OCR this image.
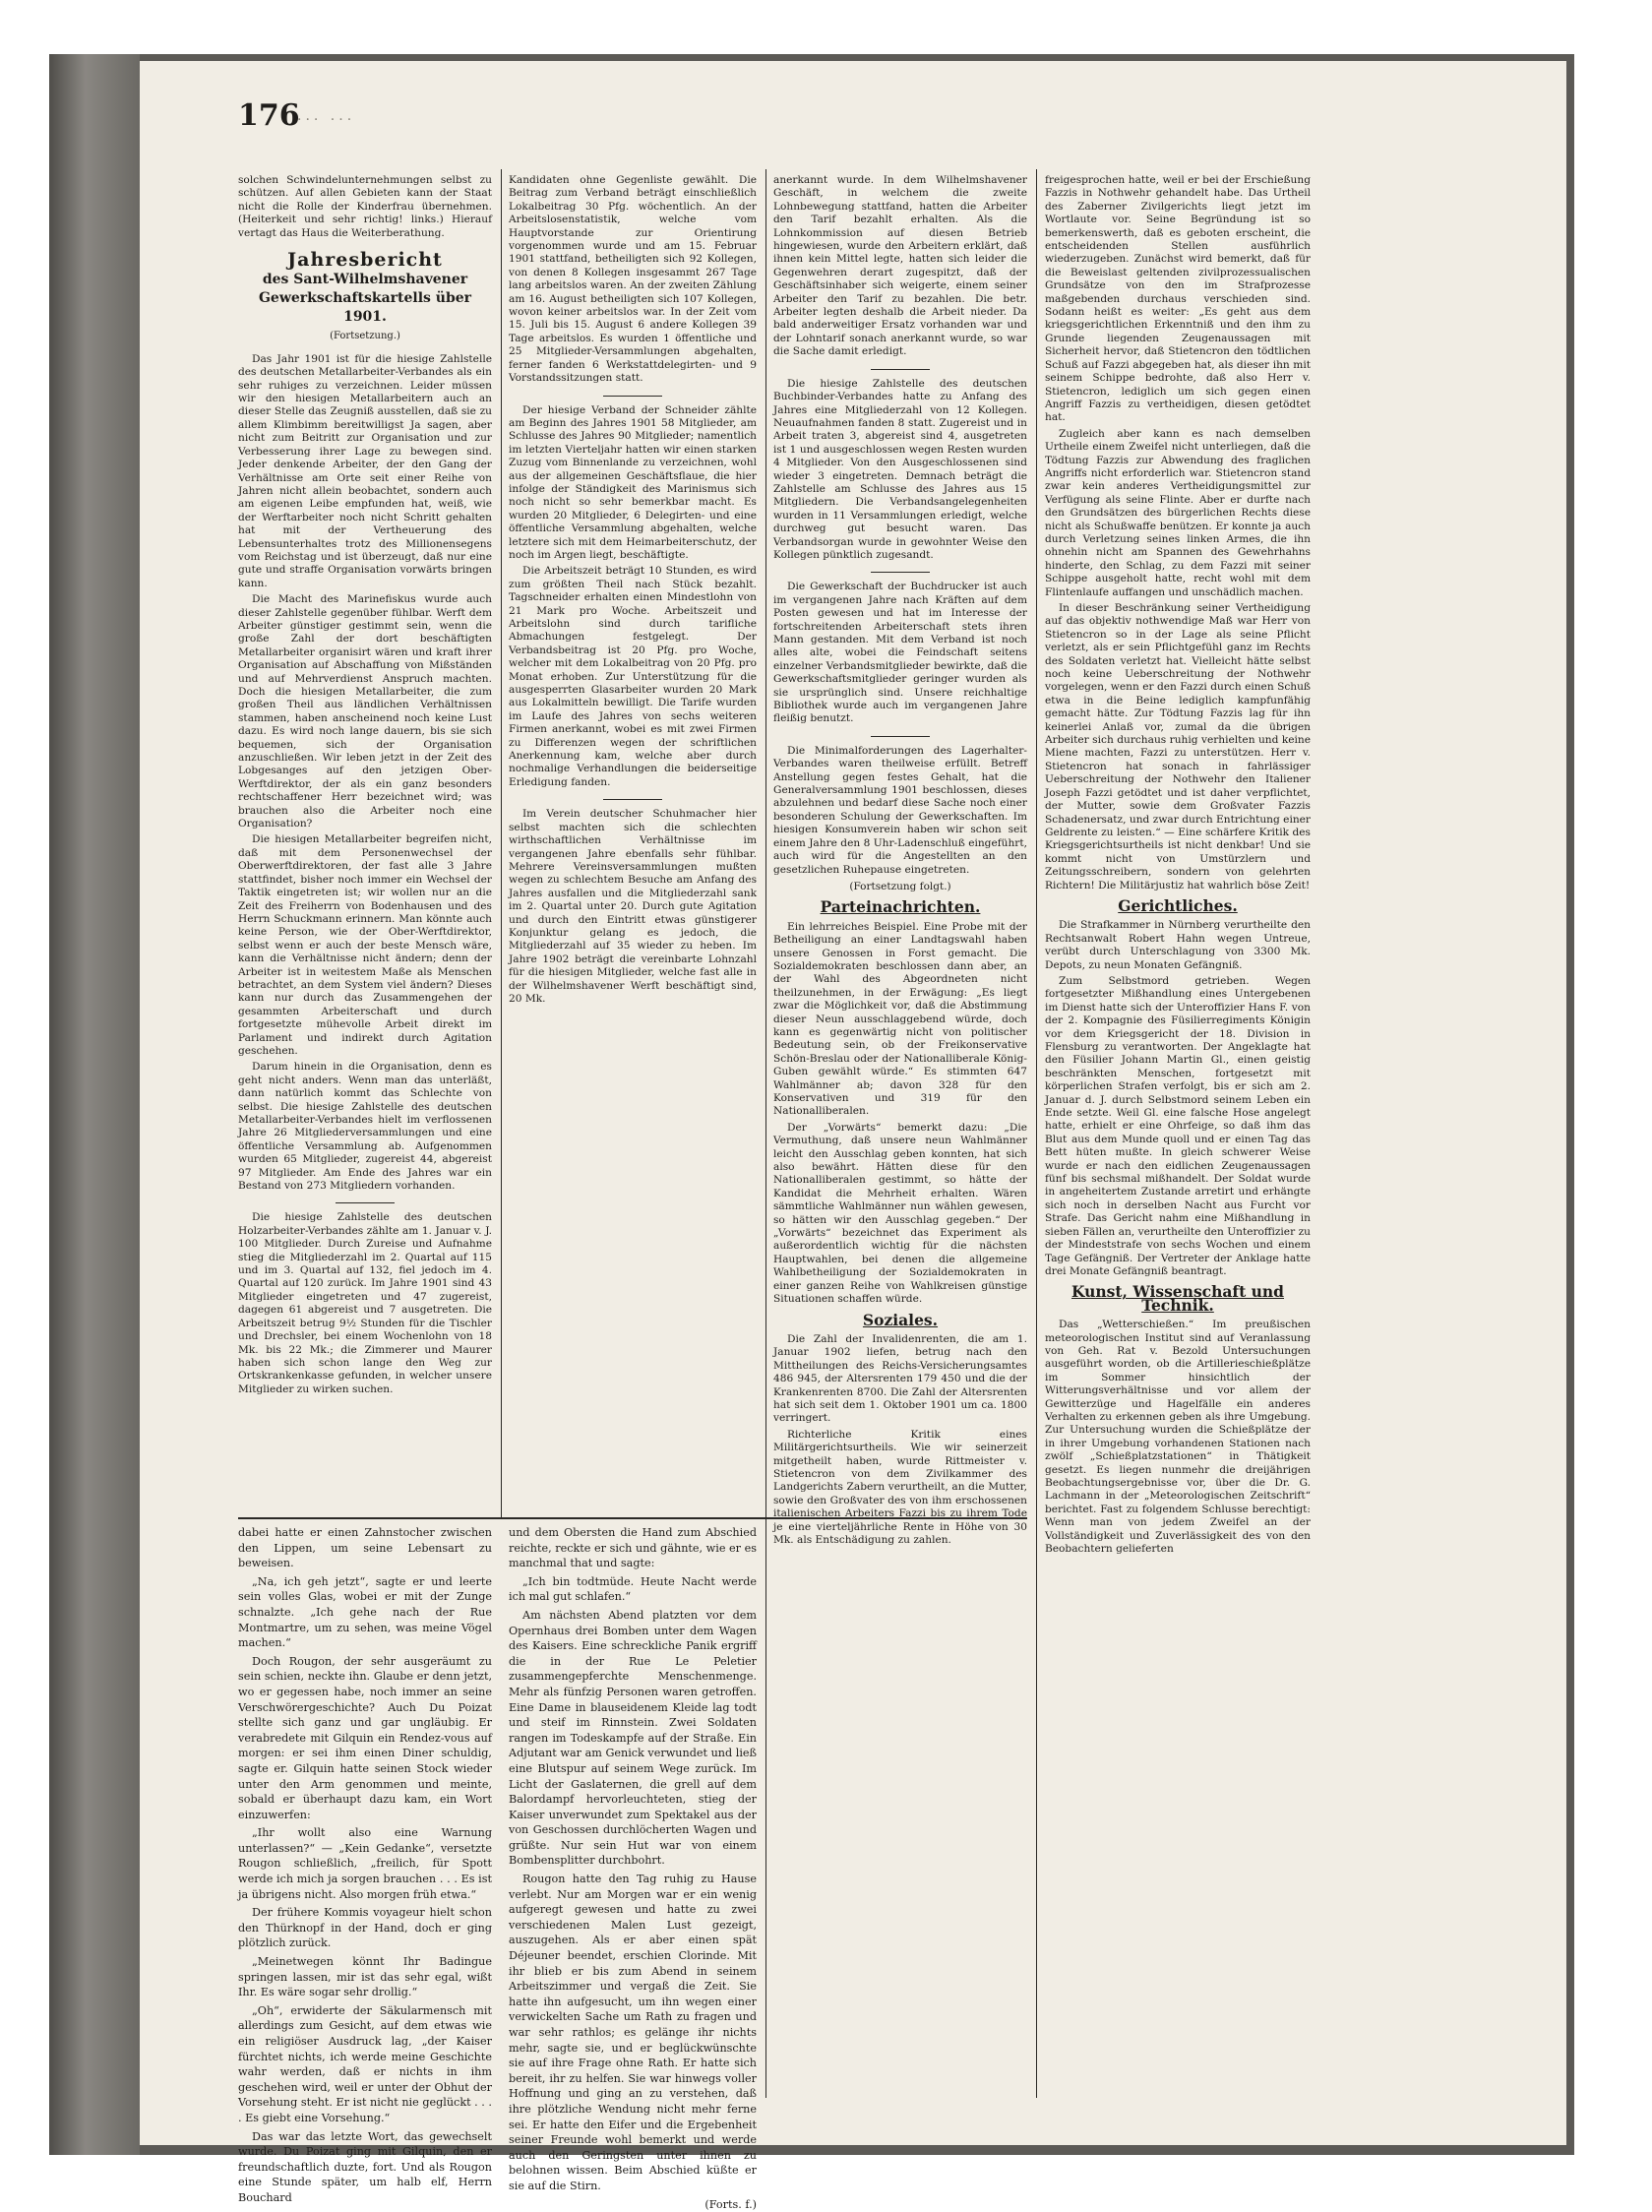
176
... ...

solchen Schwindelunternehmungen selbst zu schützen. Auf allen Gebieten kann der Staat nicht die Rolle der Kinderfrau übernehmen. (Heiterkeit und sehr richtig! links.) Hierauf vertagt das Haus die Weiterberathung.

Jahresbericht
des Sant-Wilhelmshavener Gewerkschaftskartells über 1901.
(Fortsetzung.)

Das Jahr 1901 ist für die hiesige Zahlstelle des deutschen Metallarbeiter-Verbandes als ein sehr ruhiges zu verzeichnen. Leider müssen wir den hiesigen Metallarbeitern auch an dieser Stelle das Zeugniß ausstellen, daß sie zu allem Klimbimm bereitwilligst Ja sagen, aber nicht zum Beitritt zur Organisation und zur Verbesserung ihrer Lage zu bewegen sind. Jeder denkende Arbeiter, der den Gang der Verhältnisse am Orte seit einer Reihe von Jahren nicht allein beobachtet, sondern auch am eigenen Leibe empfunden hat, weiß, wie der Werftarbeiter noch nicht Schritt gehalten hat mit der Vertheuerung des Lebensunterhaltes trotz des Millionensegens vom Reichstag und ist überzeugt, daß nur eine gute und straffe Organisation vorwärts bringen kann.

Die Macht des Marinefiskus wurde auch dieser Zahlstelle gegenüber fühlbar. Werft dem Arbeiter günstiger gestimmt sein, wenn die große Zahl der dort beschäftigten Metallarbeiter organisirt wären und kraft ihrer Organisation auf Abschaffung von Mißständen und auf Mehrverdienst Anspruch machten. Doch die hiesigen Metallarbeiter, die zum großen Theil aus ländlichen Verhältnissen stammen, haben anscheinend noch keine Lust dazu. Es wird noch lange dauern, bis sie sich bequemen, sich der Organisation anzuschließen. Wir leben jetzt in der Zeit des Lobgesanges auf den jetzigen Ober-Werftdirektor, der als ein ganz besonders rechtschaffener Herr bezeichnet wird; was brauchen also die Arbeiter noch eine Organisation?

Die hiesigen Metallarbeiter begreifen nicht, daß mit dem Personenwechsel der Oberwerftdirektoren, der fast alle 3 Jahre stattfindet, bisher noch immer ein Wechsel der Taktik eingetreten ist; wir wollen nur an die Zeit des Freiherrn von Bodenhausen und des Herrn Schuckmann erinnern. Man könnte auch keine Person, wie der Ober-Werftdirektor, selbst wenn er auch der beste Mensch wäre, kann die Verhältnisse nicht ändern; denn der Arbeiter ist in weitestem Maße als Menschen betrachtet, an dem System viel ändern? Dieses kann nur durch das Zusammengehen der gesammten Arbeiterschaft und durch fortgesetzte mühevolle Arbeit direkt im Parlament und indirekt durch Agitation geschehen.

Darum hinein in die Organisation, denn es geht nicht anders. Wenn man das unterläßt, dann natürlich kommt das Schlechte von selbst. Die hiesige Zahlstelle des deutschen Metallarbeiter-Verbandes hielt im verflossenen Jahre 26 Mitgliederversammlungen und eine öffentliche Versammlung ab. Aufgenommen wurden 65 Mitglieder, zugereist 44, abgereist 97 Mitglieder. Am Ende des Jahres war ein Bestand von 273 Mitgliedern vorhanden.

Die hiesige Zahlstelle des deutschen Holzarbeiter-Verbandes zählte am 1. Januar v. J. 100 Mitglieder. Durch Zureise und Aufnahme stieg die Mitgliederzahl im 2. Quartal auf 115 und im 3. Quartal auf 132, fiel jedoch im 4. Quartal auf 120 zurück. Im Jahre 1901 sind 43 Mitglieder eingetreten und 47 zugereist, dagegen 61 abgereist und 7 ausgetreten. Die Arbeitszeit betrug 9½ Stunden für die Tischler und Drechsler, bei einem Wochenlohn von 18 Mk. bis 22 Mk.; die Zimmerer und Maurer haben sich schon lange den Weg zur Ortskrankenkasse gefunden, in welcher unsere Mitglieder zu wirken suchen.

Kandidaten ohne Gegenliste gewählt. Die Beitrag zum Verband beträgt einschließlich Lokalbeitrag 30 Pfg. wöchentlich. An der Arbeitslosenstatistik, welche vom Hauptvorstande zur Orientirung vorgenommen wurde und am 15. Februar 1901 stattfand, betheiligten sich 92 Kollegen, von denen 8 Kollegen insgesammt 267 Tage lang arbeitslos waren. An der zweiten Zählung am 16. August betheiligten sich 107 Kollegen, wovon keiner arbeitslos war. In der Zeit vom 15. Juli bis 15. August 6 andere Kollegen 39 Tage arbeitslos. Es wurden 1 öffentliche und 25 Mitglieder-Versammlungen abgehalten, ferner fanden 6 Werkstattdelegirten- und 9 Vorstandssitzungen statt.

Der hiesige Verband der Schneider zählte am Beginn des Jahres 1901 58 Mitglieder, am Schlusse des Jahres 90 Mitglieder; namentlich im letzten Vierteljahr hatten wir einen starken Zuzug vom Binnenlande zu verzeichnen, wohl aus der allgemeinen Geschäftsflaue, die hier infolge der Ständigkeit des Marinismus sich noch nicht so sehr bemerkbar macht. Es wurden 20 Mitglieder, 6 Delegirten- und eine öffentliche Versammlung abgehalten, welche letztere sich mit dem Heimarbeiterschutz, der noch im Argen liegt, beschäftigte.

Die Arbeitszeit beträgt 10 Stunden, es wird zum größten Theil nach Stück bezahlt. Tagschneider erhalten einen Mindestlohn von 21 Mark pro Woche. Arbeitszeit und Arbeitslohn sind durch tarifliche Abmachungen festgelegt. Der Verbandsbeitrag ist 20 Pfg. pro Woche, welcher mit dem Lokalbeitrag von 20 Pfg. pro Monat erhoben. Zur Unterstützung für die ausgesperrten Glasarbeiter wurden 20 Mark aus Lokalmitteln bewilligt. Die Tarife wurden im Laufe des Jahres von sechs weiteren Firmen anerkannt, wobei es mit zwei Firmen zu Differenzen wegen der schriftlichen Anerkennung kam, welche aber durch nochmalige Verhandlungen die beiderseitige Erledigung fanden.

Im Verein deutscher Schuhmacher hier selbst machten sich die schlechten wirthschaftlichen Verhältnisse im vergangenen Jahre ebenfalls sehr fühlbar. Mehrere Vereinsversammlungen mußten wegen zu schlechtem Besuche am Anfang des Jahres ausfallen und die Mitgliederzahl sank im 2. Quartal unter 20. Durch gute Agitation und durch den Eintritt etwas günstigerer Konjunktur gelang es jedoch, die Mitgliederzahl auf 35 wieder zu heben. Im Jahre 1902 beträgt die vereinbarte Lohnzahl für die hiesigen Mitglieder, welche fast alle in der Wilhelmshavener Werft beschäftigt sind, 20 Mk.

anerkannt wurde. In dem Wilhelmshavener Geschäft, in welchem die zweite Lohnbewegung stattfand, hatten die Arbeiter den Tarif bezahlt erhalten. Als die Lohnkommission auf diesen Betrieb hingewiesen, wurde den Arbeitern erklärt, daß ihnen kein Mittel legte, hatten sich leider die Gegenwehren derart zugespitzt, daß der Geschäftsinhaber sich weigerte, einem seiner Arbeiter den Tarif zu bezahlen. Die betr. Arbeiter legten deshalb die Arbeit nieder. Da bald anderweitiger Ersatz vorhanden war und der Lohntarif sonach anerkannt wurde, so war die Sache damit erledigt.

Die hiesige Zahlstelle des deutschen Buchbinder-Verbandes hatte zu Anfang des Jahres eine Mitgliederzahl von 12 Kollegen. Neuaufnahmen fanden 8 statt. Zugereist und in Arbeit traten 3, abgereist sind 4, ausgetreten ist 1 und ausgeschlossen wegen Resten wurden 4 Mitglieder. Von den Ausgeschlossenen sind wieder 3 eingetreten. Demnach beträgt die Zahlstelle am Schlusse des Jahres aus 15 Mitgliedern. Die Verbandsangelegenheiten wurden in 11 Versammlungen erledigt, welche durchweg gut besucht waren. Das Verbandsorgan wurde in gewohnter Weise den Kollegen pünktlich zugesandt.

Die Gewerkschaft der Buchdrucker ist auch im vergangenen Jahre nach Kräften auf dem Posten gewesen und hat im Interesse der fortschreitenden Arbeiterschaft stets ihren Mann gestanden. Mit dem Verband ist noch alles alte, wobei die Feindschaft seitens einzelner Verbandsmitglieder bewirkte, daß die Gewerkschaftsmitglieder geringer wurden als sie ursprünglich sind. Unsere reichhaltige Bibliothek wurde auch im vergangenen Jahre fleißig benutzt.

Die Minimalforderungen des Lagerhalter-Verbandes waren theilweise erfüllt. Betreff Anstellung gegen festes Gehalt, hat die Generalversammlung 1901 beschlossen, dieses abzulehnen und bedarf diese Sache noch einer besonderen Schulung der Gewerkschaften. Im hiesigen Konsumverein haben wir schon seit einem Jahre den 8 Uhr-Ladenschluß eingeführt, auch wird für die Angestellten an den gesetzlichen Ruhepause eingetreten.

(Fortsetzung folgt.)
Parteinachrichten.

Ein lehrreiches Beispiel. Eine Probe mit der Betheiligung an einer Landtagswahl haben unsere Genossen in Forst gemacht. Die Sozialdemokraten beschlossen dann aber, an der Wahl des Abgeordneten nicht theilzunehmen, in der Erwägung: „Es liegt zwar die Möglichkeit vor, daß die Abstimmung dieser Neun ausschlaggebend würde, doch kann es gegenwärtig nicht von politischer Bedeutung sein, ob der Freikonservative Schön-Breslau oder der Nationalliberale König-Guben gewählt würde.“ Es stimmten 647 Wahlmänner ab; davon 328 für den Konservativen und 319 für den Nationalliberalen.

Der „Vorwärts“ bemerkt dazu: „Die Vermuthung, daß unsere neun Wahlmänner leicht den Ausschlag geben konnten, hat sich also bewährt. Hätten diese für den Nationalliberalen gestimmt, so hätte der Kandidat die Mehrheit erhalten. Wären sämmtliche Wahlmänner nun wählen gewesen, so hätten wir den Ausschlag gegeben.“ Der „Vorwärts“ bezeichnet das Experiment als außerordentlich wichtig für die nächsten Hauptwahlen, bei denen die allgemeine Wahlbetheiligung der Sozialdemokraten in einer ganzen Reihe von Wahlkreisen günstige Situationen schaffen würde.

Soziales.

Die Zahl der Invalidenrenten, die am 1. Januar 1902 liefen, betrug nach den Mittheilungen des Reichs-Versicherungsamtes 486 945, der Altersrenten 179 450 und die der Krankenrenten 8700. Die Zahl der Altersrenten hat sich seit dem 1. Oktober 1901 um ca. 1800 verringert.

Richterliche Kritik eines Militärgerichtsurtheils. Wie wir seinerzeit mitgetheilt haben, wurde Rittmeister v. Stietencron von dem Zivilkammer des Landgerichts Zabern verurtheilt, an die Mutter, sowie den Großvater des von ihm erschossenen italienischen Arbeiters Fazzi bis zu ihrem Tode je eine vierteljährliche Rente in Höhe von 30 Mk. als Entschädigung zu zahlen.

freigesprochen hatte, weil er bei der Erschießung Fazzis in Nothwehr gehandelt habe. Das Urtheil des Zaberner Zivilgerichts liegt jetzt im Wortlaute vor. Seine Begründung ist so bemerkenswerth, daß es geboten erscheint, die entscheidenden Stellen ausführlich wiederzugeben. Zunächst wird bemerkt, daß für die Beweislast geltenden zivilprozessualischen Grundsätze von den im Strafprozesse maßgebenden durchaus verschieden sind. Sodann heißt es weiter: „Es geht aus dem kriegsgerichtlichen Erkenntniß und den ihm zu Grunde liegenden Zeugenaussagen mit Sicherheit hervor, daß Stietencron den tödtlichen Schuß auf Fazzi abgegeben hat, als dieser ihn mit seinem Schippe bedrohte, daß also Herr v. Stietencron, lediglich um sich gegen einen Angriff Fazzis zu vertheidigen, diesen getödtet hat.

Zugleich aber kann es nach demselben Urtheile einem Zweifel nicht unterliegen, daß die Tödtung Fazzis zur Abwendung des fraglichen Angriffs nicht erforderlich war. Stietencron stand zwar kein anderes Vertheidigungsmittel zur Verfügung als seine Flinte. Aber er durfte nach den Grundsätzen des bürgerlichen Rechts diese nicht als Schußwaffe benützen. Er konnte ja auch durch Verletzung seines linken Armes, die ihn ohnehin nicht am Spannen des Gewehrhahns hinderte, den Schlag, zu dem Fazzi mit seiner Schippe ausgeholt hatte, recht wohl mit dem Flintenlaufe auffangen und unschädlich machen.

In dieser Beschränkung seiner Vertheidigung auf das objektiv nothwendige Maß war Herr von Stietencron so in der Lage als seine Pflicht verletzt, als er sein Pflichtgefühl ganz im Rechts des Soldaten verletzt hat. Vielleicht hätte selbst noch keine Ueberschreitung der Nothwehr vorgelegen, wenn er den Fazzi durch einen Schuß etwa in die Beine lediglich kampfunfähig gemacht hätte. Zur Tödtung Fazzis lag für ihn keinerlei Anlaß vor, zumal da die übrigen Arbeiter sich durchaus ruhig verhielten und keine Miene machten, Fazzi zu unterstützen. Herr v. Stietencron hat sonach in fahrlässiger Ueberschreitung der Nothwehr den Italiener Joseph Fazzi getödtet und ist daher verpflichtet, der Mutter, sowie dem Großvater Fazzis Schadenersatz, und zwar durch Entrichtung einer Geldrente zu leisten.“ — Eine schärfere Kritik des Kriegsgerichtsurtheils ist nicht denkbar! Und sie kommt nicht von Umstürzlern und Zeitungsschreibern, sondern von gelehrten Richtern! Die Militärjustiz hat wahrlich böse Zeit!

Gerichtliches.

Die Strafkammer in Nürnberg verurtheilte den Rechtsanwalt Robert Hahn wegen Untreue, verübt durch Unterschlagung von 3300 Mk. Depots, zu neun Monaten Gefängniß.

Zum Selbstmord getrieben. Wegen fortgesetzter Mißhandlung eines Untergebenen im Dienst hatte sich der Unteroffizier Hans F. von der 2. Kompagnie des Füsilierregiments Königin vor dem Kriegsgericht der 18. Division in Flensburg zu verantworten. Der Angeklagte hat den Füsilier Johann Martin Gl., einen geistig beschränkten Menschen, fortgesetzt mit körperlichen Strafen verfolgt, bis er sich am 2. Januar d. J. durch Selbstmord seinem Leben ein Ende setzte. Weil Gl. eine falsche Hose angelegt hatte, erhielt er eine Ohrfeige, so daß ihm das Blut aus dem Munde quoll und er einen Tag das Bett hüten mußte. In gleich schwerer Weise wurde er nach den eidlichen Zeugenaussagen fünf bis sechsmal mißhandelt. Der Soldat wurde in angeheitertem Zustande arretirt und erhängte sich noch in derselben Nacht aus Furcht vor Strafe. Das Gericht nahm eine Mißhandlung in sieben Fällen an, verurtheilte den Unteroffizier zu der Mindeststrafe von sechs Wochen und einem Tage Gefängniß. Der Vertreter der Anklage hatte drei Monate Gefängniß beantragt.

Kunst, Wissenschaft und Technik.

Das „Wetterschießen.“ Im preußischen meteorologischen Institut sind auf Veranlassung von Geh. Rat v. Bezold Untersuchungen ausgeführt worden, ob die Artillerieschießplätze im Sommer hinsichtlich der Witterungsverhältnisse und vor allem der Gewitterzüge und Hagelfälle ein anderes Verhalten zu erkennen geben als ihre Umgebung. Zur Untersuchung wurden die Schießplätze der in ihrer Umgebung vorhandenen Stationen nach zwölf „Schießplatzstationen“ in Thätigkeit gesetzt. Es liegen nunmehr die dreijährigen Beobachtungsergebnisse vor, über die Dr. G. Lachmann in der „Meteorologischen Zeitschrift“ berichtet. Fast zu folgendem Schlusse berechtigt: Wenn man von jedem Zweifel an der Vollständigkeit und Zuverlässigkeit des von den Beobachtern gelieferten

dabei hatte er einen Zahnstocher zwischen den Lippen, um seine Lebensart zu beweisen.

„Na, ich geh jetzt“, sagte er und leerte sein volles Glas, wobei er mit der Zunge schnalzte. „Ich gehe nach der Rue Montmartre, um zu sehen, was meine Vögel machen.“

Doch Rougon, der sehr ausgeräumt zu sein schien, neckte ihn. Glaube er denn jetzt, wo er gegessen habe, noch immer an seine Verschwörergeschichte? Auch Du Poizat stellte sich ganz und gar ungläubig. Er verabredete mit Gilquin ein Rendez-vous auf morgen: er sei ihm einen Diner schuldig, sagte er. Gilquin hatte seinen Stock wieder unter den Arm genommen und meinte, sobald er überhaupt dazu kam, ein Wort einzuwerfen:

„Ihr wollt also eine Warnung unterlassen?“ — „Kein Gedanke“, versetzte Rougon schließlich, „freilich, für Spott werde ich mich ja sorgen brauchen . . . Es ist ja übrigens nicht. Also morgen früh etwa.“

Der frühere Kommis voyageur hielt schon den Thürknopf in der Hand, doch er ging plötzlich zurück.

„Meinetwegen könnt Ihr Badingue springen lassen, mir ist das sehr egal, wißt Ihr. Es wäre sogar sehr drollig.“

„Oh“, erwiderte der Säkularmensch mit allerdings zum Gesicht, auf dem etwas wie ein religiöser Ausdruck lag, „der Kaiser fürchtet nichts, ich werde meine Geschichte wahr werden, daß er nichts in ihm geschehen wird, weil er unter der Obhut der Vorsehung steht. Er ist nicht nie geglückt . . . . Es giebt eine Vorsehung.“

Das war das letzte Wort, das gewechselt wurde. Du Poizat ging mit Gilquin, den er freundschaftlich duzte, fort. Und als Rougon eine Stunde später, um halb elf, Herrn Bouchard

und dem Obersten die Hand zum Abschied reichte, reckte er sich und gähnte, wie er es manchmal that und sagte:

„Ich bin todtmüde. Heute Nacht werde ich mal gut schlafen.“

Am nächsten Abend platzten vor dem Opernhaus drei Bomben unter dem Wagen des Kaisers. Eine schreckliche Panik ergriff die in der Rue Le Peletier zusammengepferchte Menschenmenge. Mehr als fünfzig Personen waren getroffen. Eine Dame in blauseidenem Kleide lag todt und steif im Rinnstein. Zwei Soldaten rangen im Todeskampfe auf der Straße. Ein Adjutant war am Genick verwundet und ließ eine Blutspur auf seinem Wege zurück. Im Licht der Gaslaternen, die grell auf dem Balordampf hervorleuchteten, stieg der Kaiser unverwundet zum Spektakel aus der von Geschossen durchlöcherten Wagen und grüßte. Nur sein Hut war von einem Bombensplitter durchbohrt.

Rougon hatte den Tag ruhig zu Hause verlebt. Nur am Morgen war er ein wenig aufgeregt gewesen und hatte zu zwei verschiedenen Malen Lust gezeigt, auszugehen. Als er aber einen spät Déjeuner beendet, erschien Clorinde. Mit ihr blieb er bis zum Abend in seinem Arbeitszimmer und vergaß die Zeit. Sie hatte ihn aufgesucht, um ihn wegen einer verwickelten Sache um Rath zu fragen und war sehr rathlos; es gelänge ihr nichts mehr, sagte sie, und er beglückwünschte sie auf ihre Frage ohne Rath. Er hatte sich bereit, ihr zu helfen. Sie war hinwegs voller Hoffnung und ging an zu verstehen, daß ihre plötzliche Wendung nicht mehr ferne sei. Er hatte den Eifer und die Ergebenheit seiner Freunde wohl bemerkt und werde auch den Geringsten unter ihnen zu belohnen wissen. Beim Abschied küßte er sie auf die Stirn.

(Forts. f.)
